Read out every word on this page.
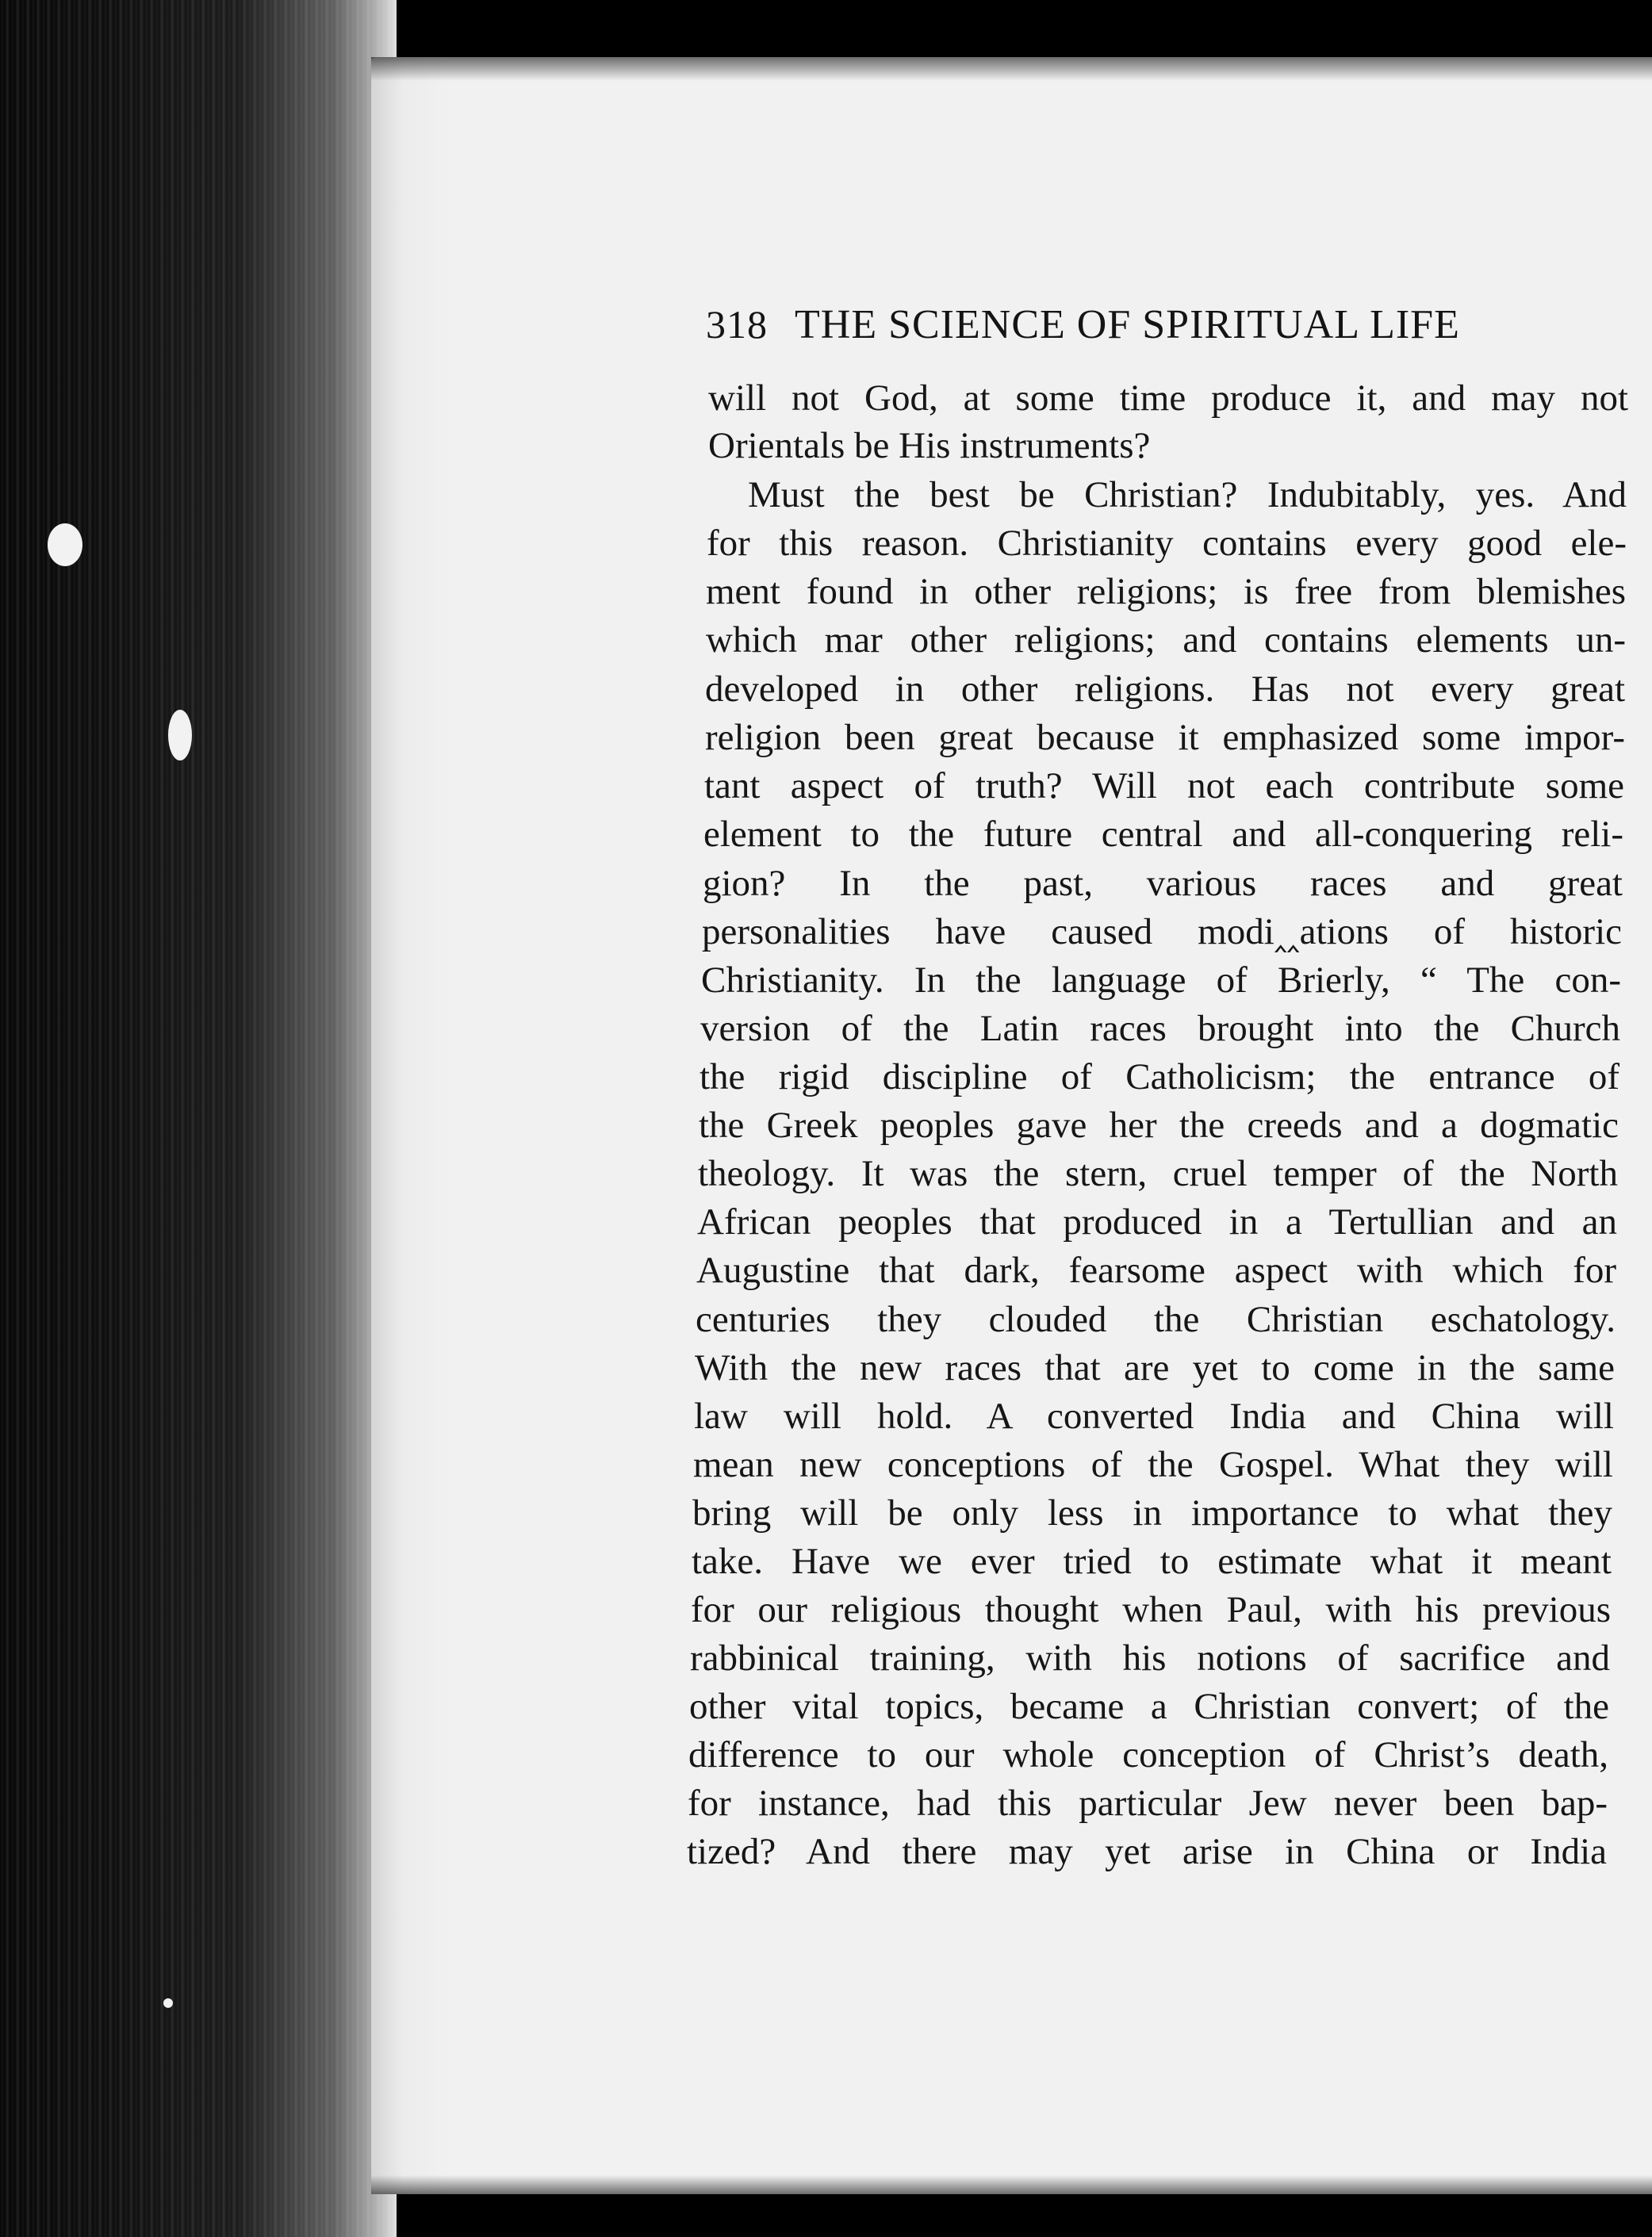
318 THE SCIENCE OF SPIRITUAL LIFE
will not God, at some time produce it, and may not
Orientals be His instruments?
Must the best be Christian? Indubitably, yes. And
for this reason. Christianity contains every good ele-
ment found in other religions; is free from blemishes
which mar other religions; and contains elements un-
developed in other religions. Has not every great
religion been great because it emphasized some impor-
tant aspect of truth? Will not each contribute some
element to the future central and all-conquering reli-
gion? In the past, various races and great
personalities have caused modi‸‸ations of historic
Christianity. In the language of Brierly, “ The con-
version of the Latin races brought into the Church
the rigid discipline of Catholicism; the entrance of
the Greek peoples gave her the creeds and a dogmatic
theology. It was the stern, cruel temper of the North
African peoples that produced in a Tertullian and an
Augustine that dark, fearsome aspect with which for
centuries they clouded the Christian eschatology.
With the new races that are yet to come in the same
law will hold. A converted India and China will
mean new conceptions of the Gospel. What they will
bring will be only less in importance to what they
take. Have we ever tried to estimate what it meant
for our religious thought when Paul, with his previous
rabbinical training, with his notions of sacrifice and
other vital topics, became a Christian convert; of the
difference to our whole conception of Christ’s death,
for instance, had this particular Jew never been bap-
tized? And there may yet arise in China or India
